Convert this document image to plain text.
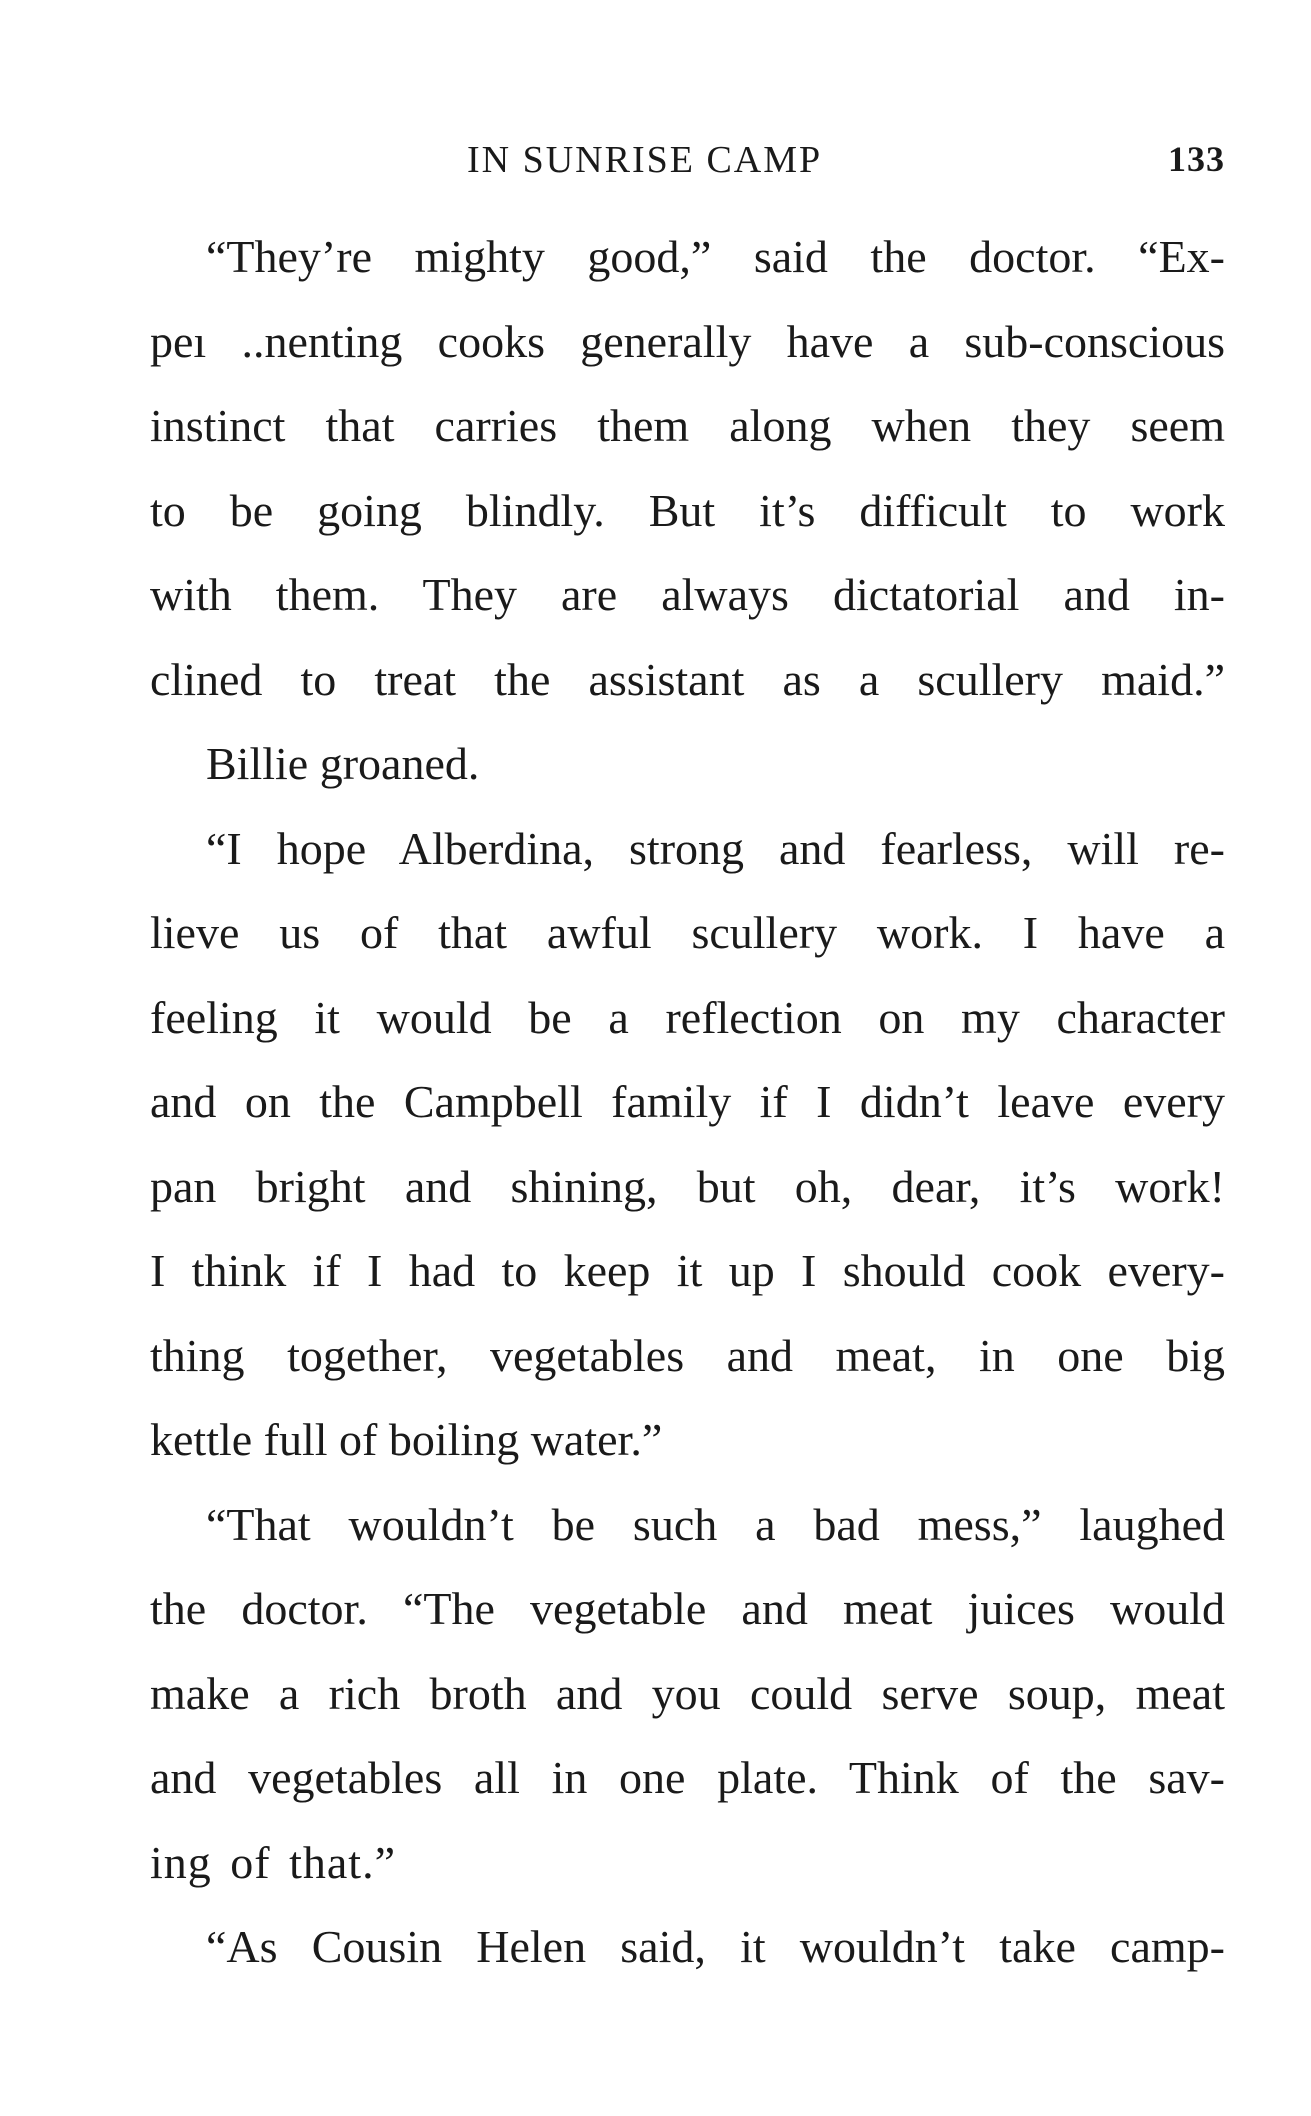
IN SUNRISE CAMP	133
“They’re mighty good,” said the doctor. “Ex-
peı ..nenting cooks generally have a sub-conscious
instinct that carries them along when they seem
to be going blindly. But it’s difficult to work
with them. They are always dictatorial and in-
clined to treat the assistant as a scullery maid.”
Billie groaned.
“I hope Alberdina, strong and fearless, will re-
lieve us of that awful scullery work. I have a
feeling it would be a reflection on my character
and on the Campbell family if I didn’t leave every
pan bright and shining, but oh, dear, it’s work!
I think if I had to keep it up I should cook every-
thing together, vegetables and meat, in one big
kettle full of boiling water.”
“That wouldn’t be such a bad mess,” laughed
the doctor. “The vegetable and meat juices would
make a rich broth and you could serve soup, meat
and vegetables all in one plate. Think of the sav-
ing of that.”
“As Cousin Helen said, it wouldn’t take camp-
